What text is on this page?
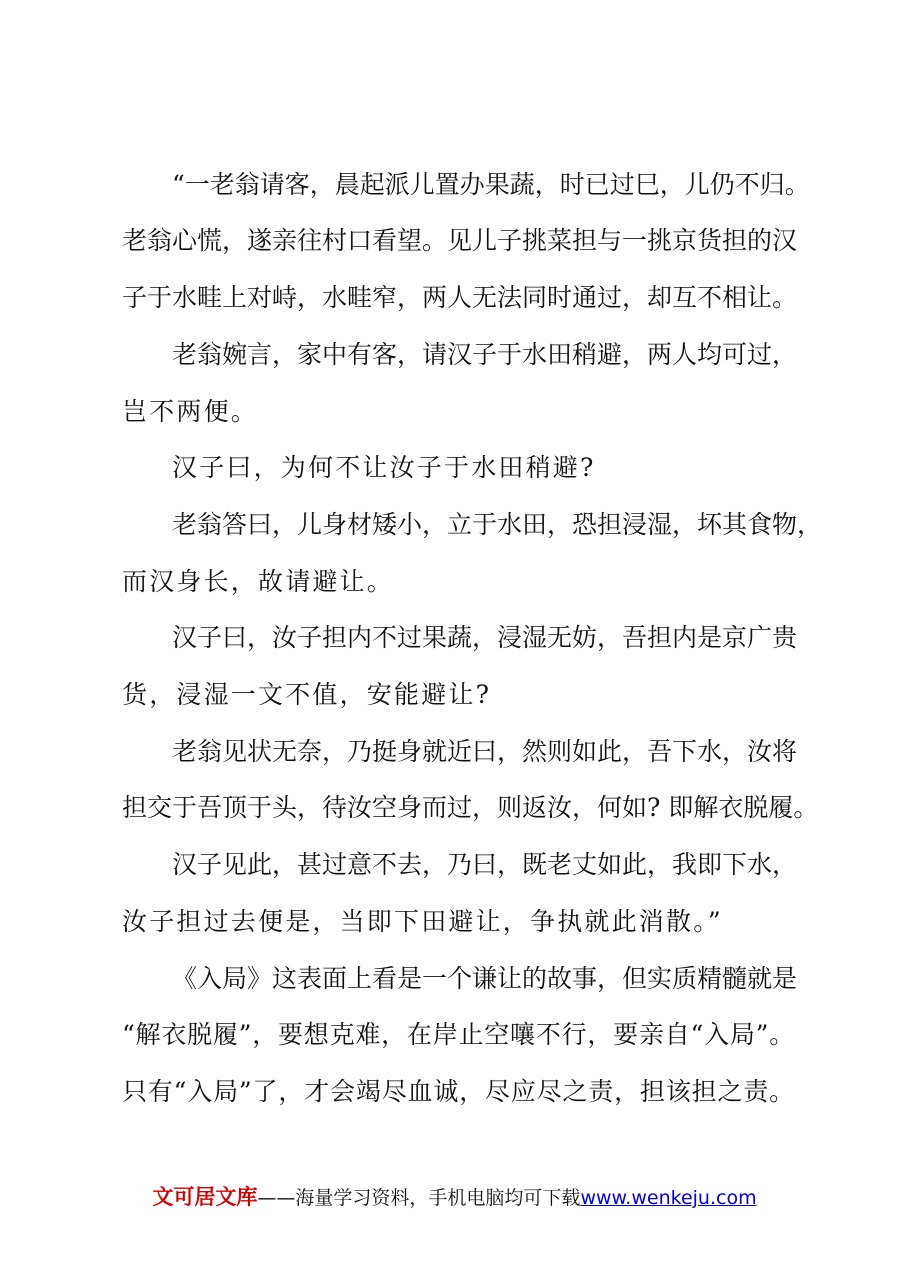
“一老翁请客，晨起派儿置办果蔬，时已过巳，儿仍不归。
老翁心慌，遂亲往村口看望。见儿子挑菜担与一挑京货担的汉
子于水畦上对峙，水畦窄，两人无法同时通过，却互不相让。
老翁婉言，家中有客，请汉子于水田稍避，两人均可过，
岂不两便。
汉子曰，为何不让汝子于水田稍避?
老翁答曰，儿身材矮小，立于水田，恐担浸湿，坏其食物，
而汉身长，故请避让。
汉子曰，汝子担内不过果蔬，浸湿无妨，吾担内是京广贵
货，浸湿一文不值，安能避让?
老翁见状无奈，乃挺身就近曰，然则如此，吾下水，汝将
担交于吾顶于头，待汝空身而过，则返汝，何如? 即解衣脱履。
汉子见此，甚过意不去，乃曰，既老丈如此，我即下水，
汝子担过去便是，当即下田避让，争执就此消散。”
《入局》这表面上看是一个谦让的故事，但实质精髓就是
“解衣脱履”，要想克难，在岸止空嚷不行，要亲自“入局”。
只有“入局”了，才会竭尽血诚，尽应尽之责，担该担之责。
文可居文库——海量学习资料，手机电脑均可下载www.wenkeju.com
